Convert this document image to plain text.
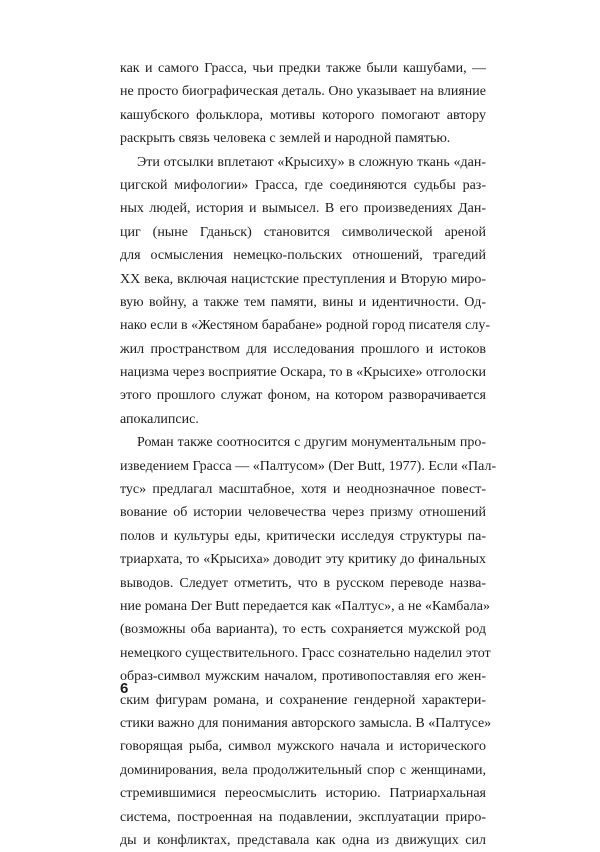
как и самого Грасса, чьи предки также были кашубами, —
не просто биографическая деталь. Оно указывает на влияние
кашубского фольклора, мотивы которого помогают автору
раскрыть связь человека с землей и народной памятью.
Эти отсылки вплетают «Крысиху» в сложную ткань «дан-
цигской мифологии» Грасса, где соединяются судьбы раз-
ных людей, история и вымысел. В его произведениях Дан-
циг (ныне Гданьск) становится символической ареной
для осмысления немецко-польских отношений, трагедий
XX века, включая нацистские преступления и Вторую миро-
вую войну, а также тем памяти, вины и идентичности. Од-
нако если в «Жестяном барабане» родной город писателя слу-
жил пространством для исследования прошлого и истоков
нацизма через восприятие Оскара, то в «Крысихе» отголоски
этого прошлого служат фоном, на котором разворачивается
апокалипсис.
Роман также соотносится с другим монументальным про-
изведением Грасса — «Палтусом» (Der Butt, 1977). Если «Пал-
тус» предлагал масштабное, хотя и неоднозначное повест-
вование об истории человечества через призму отношений
полов и культуры еды, критически исследуя структуры па-
триархата, то «Крысиха» доводит эту критику до финальных
выводов. Следует отметить, что в русском переводе назва-
ние романа Der Butt передается как «Палтус», а не «Камбала»
(возможны оба варианта), то есть сохраняется мужской род
немецкого существительного. Грасс сознательно наделил этот
образ-символ мужским началом, противопоставляя его жен-
ским фигурам романа, и сохранение гендерной характери-
стики важно для понимания авторского замысла. В «Палтусе»
говорящая рыба, символ мужского начала и исторического
доминирования, вела продолжительный спор с женщинами,
стремившимися переосмыслить историю. Патриархальная
система, построенная на подавлении, эксплуатации приро-
ды и конфликтах, представала как одна из движущих сил
6
